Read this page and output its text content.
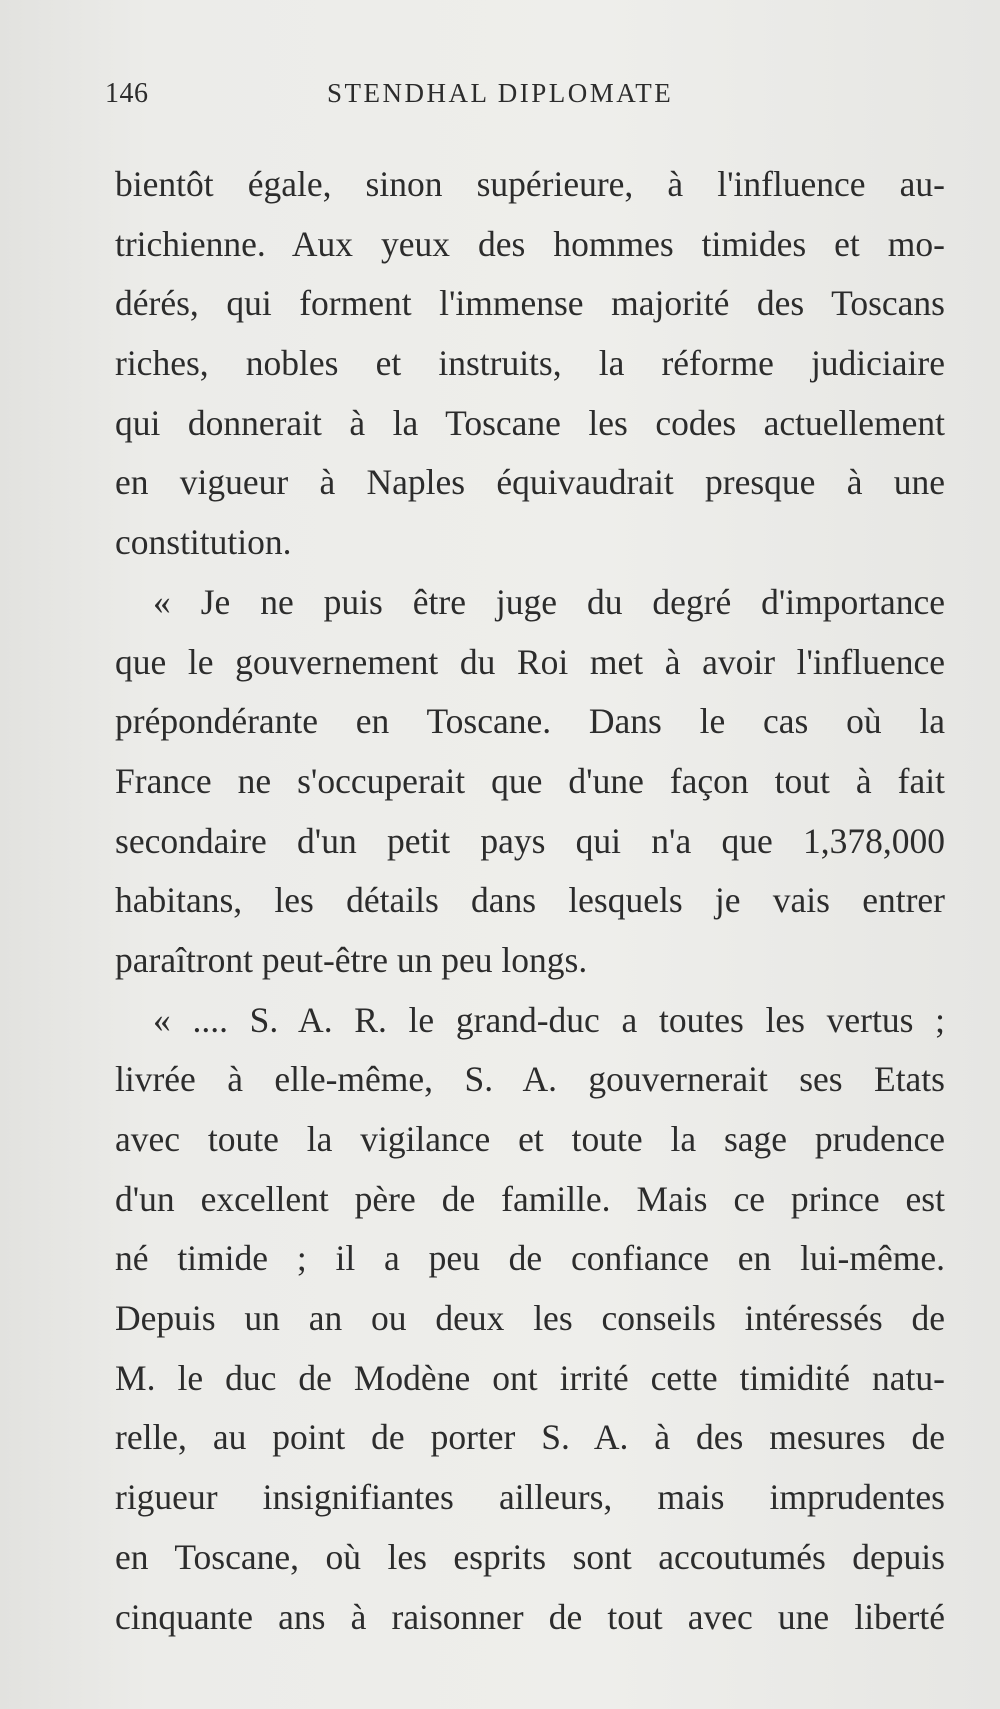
146	STENDHAL DIPLOMATE
bientôt égale, sinon supérieure, à l'influence au-
trichienne. Aux yeux des hommes timides et mo-
dérés, qui forment l'immense majorité des Toscans
riches, nobles et instruits, la réforme judiciaire
qui donnerait à la Toscane les codes actuellement
en vigueur à Naples équivaudrait presque à une
constitution.
« Je ne puis être juge du degré d'importance
que le gouvernement du Roi met à avoir l'influence
prépondérante en Toscane. Dans le cas où la
France ne s'occuperait que d'une façon tout à fait
secondaire d'un petit pays qui n'a que 1,378,000
habitans, les détails dans lesquels je vais entrer
paraîtront peut-être un peu longs.
« .... S. A. R. le grand-duc a toutes les vertus ;
livrée à elle-même, S. A. gouvernerait ses Etats
avec toute la vigilance et toute la sage prudence
d'un excellent père de famille. Mais ce prince est
né timide ; il a peu de confiance en lui-même.
Depuis un an ou deux les conseils intéressés de
M. le duc de Modène ont irrité cette timidité natu-
relle, au point de porter S. A. à des mesures de
rigueur insignifiantes ailleurs, mais imprudentes
en Toscane, où les esprits sont accoutumés depuis
cinquante ans à raisonner de tout avec une liberté
